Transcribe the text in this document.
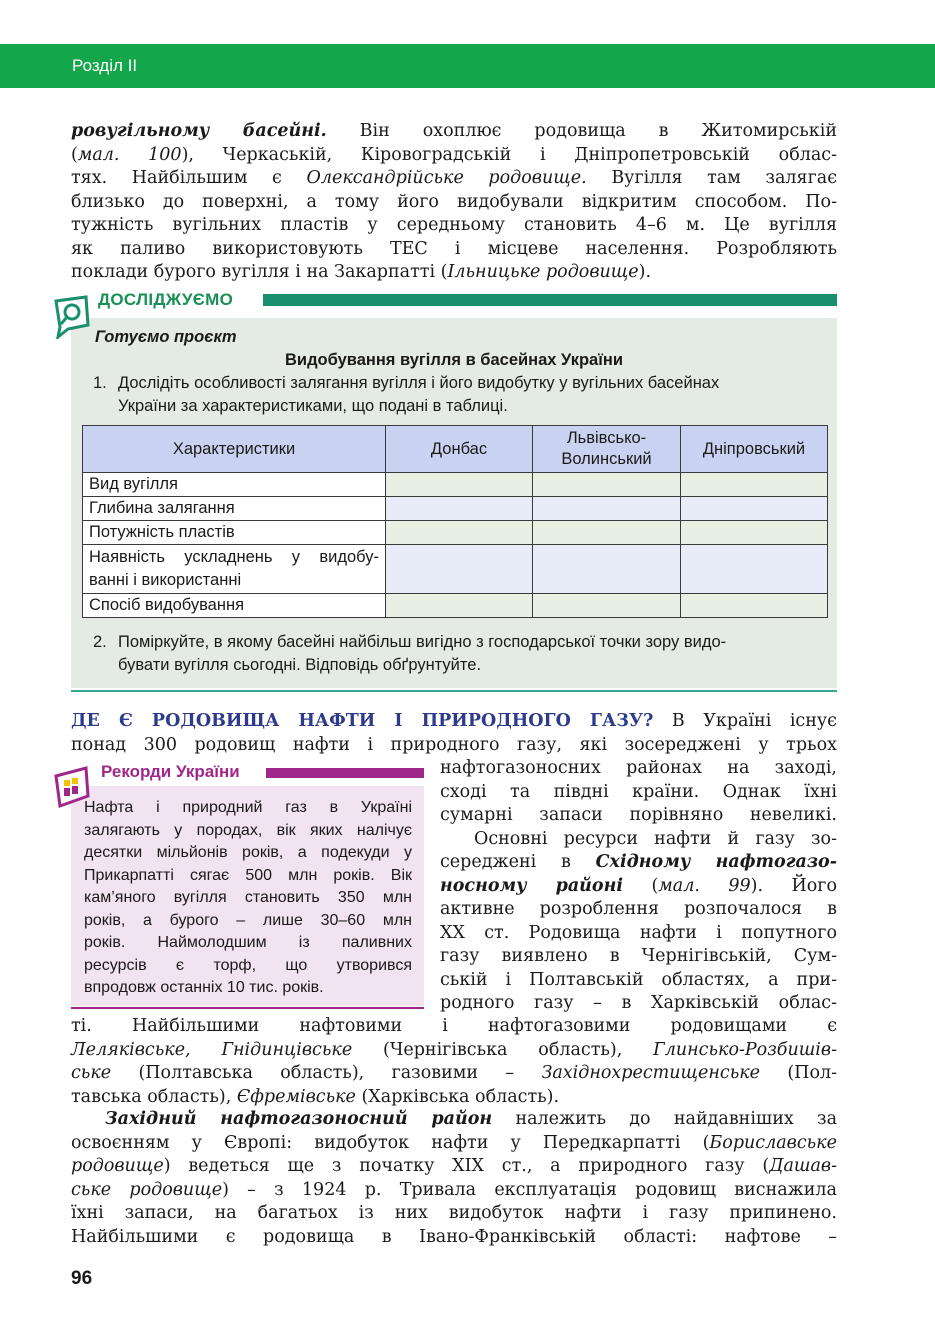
Розділ II
ровугільному басейні. Він охоплює родовища в Житомирській
(мал. 100), Черкаській, Кіровоградській і Дніпропетровській облас-
тях. Найбільшим є Олександрійське родовище. Вугілля там залягає
близько до поверхні, а тому його видобували відкритим способом. По-
тужність вугільних пластів у середньому становить 4–6 м. Це вугілля
як паливо використовують ТЕС і місцеве населення. Розробляють
поклади бурого вугілля і на Закарпатті (Ільницьке родовище).
ДОСЛІДЖУЄМО
Готуємо проєкт
Видобування вугілля в басейнах України
1. Дослідіть особливості залягання вугілля і його видобутку у вугільних басейнах
України за характеристиками, що подані в таблиці.
Характеристики	Донбас	Львівсько-
Волинський	Дніпровський
Вид вугілля			
Глибина залягання			
Потужність пластів			

Наявність ускладнень у видобу-
ванні і використанні			

Спосіб видобування			
2. Поміркуйте, в якому басейні найбільш вигідно з господарської точки зору видо-
бувати вугілля сьогодні. Відповідь обґрунтуйте.
ДЕ Є РОДОВИЩА НАФТИ І ПРИРОДНОГО ГАЗУ? В Україні існує
понад 300 родовищ нафти і природного газу, які зосереджені у трьох
Рекорди України
Нафта і природний газ в Україні
залягають у породах, вік яких налічує
десятки мільйонів років, а подекуди у
Прикарпатті сягає 500 млн років. Вік
кам’яного вугілля становить 350 млн
років, а бурого – лише 30–60 млн
років. Наймолодшим із паливних
ресурсів є торф, що утворився
впродовж останніх 10 тис. років.
нафтогазоносних районах на заході,
сході та півдні країни. Однак їхні
сумарні запаси порівняно невеликі.
Основні ресурси нафти й газу зо-
середжені в Східному нафтогазо-
носному районі (мал. 99). Його
активне розроблення розпочалося в
ХХ ст. Родовища нафти і попутного
газу виявлено в Чернігівській, Сум-
ській і Полтавській областях, а при-
родного газу – в Харківській облас-
ті. Найбільшими нафтовими і нафтогазовими родовищами є
Леляківське, Гнідинцівське (Чернігівська область), Глинсько-Розбишів-
ське (Полтавська область), газовими – Західнохрестищенське (Пол-
тавська область), Єфремівське (Харківська область).
Західний нафтогазоносний район належить до найдавніших за
освоєнням у Європі: видобуток нафти у Передкарпатті (Бориславське
родовище) ведеться ще з початку ХІХ ст., а природного газу (Дашав-
ське родовище) – з 1924 р. Тривала експлуатація родовищ виснажила
їхні запаси, на багатьох із них видобуток нафти і газу припинено.
Найбільшими є родовища в Івано-Франківській області: нафтове –
96
